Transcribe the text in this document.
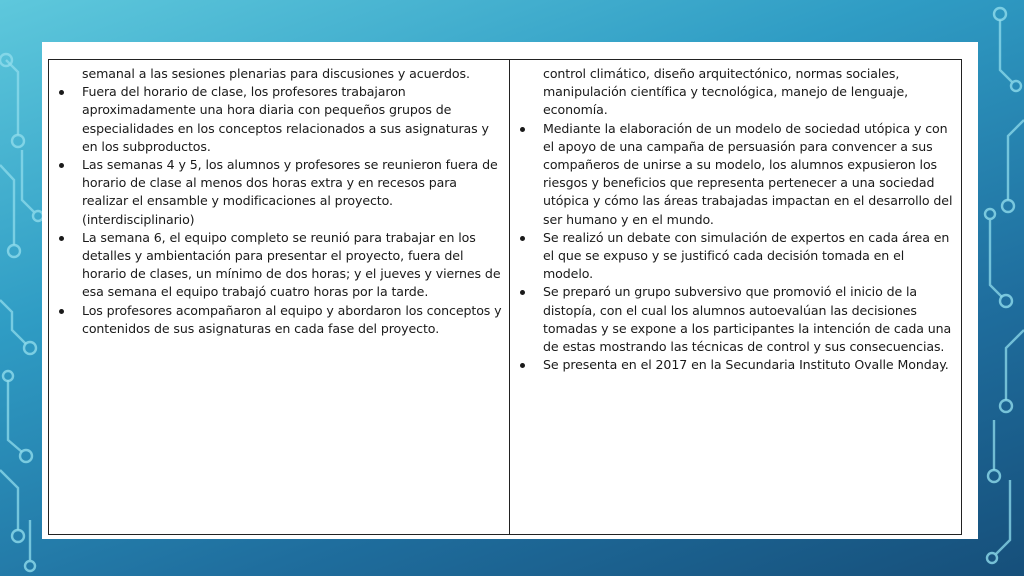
semanal a las sesiones plenarias para discusiones y acuerdos.
Fuera del horario de clase, los profesores trabajaron aproximadamente una hora diaria con pequeños grupos de especialidades en los conceptos relacionados a sus asignaturas y en los subproductos.
Las semanas 4 y 5, los alumnos y profesores se reunieron fuera de horario de clase al menos dos horas extra y en recesos para realizar el ensamble y modificaciones al proyecto. (interdisciplinario)
La semana 6, el equipo completo se reunió para trabajar en los detalles y ambientación para presentar el proyecto, fuera del horario de clases, un mínimo de dos horas; y el jueves y viernes de esa semana el equipo trabajó cuatro horas por la tarde.
Los profesores acompañaron al equipo y abordaron los conceptos y contenidos de sus asignaturas en cada fase del proyecto.
control climático, diseño arquitectónico, normas sociales, manipulación científica y tecnológica, manejo de lenguaje, economía.
Mediante la elaboración de un modelo de sociedad utópica y con el apoyo de una campaña de persuasión para convencer a sus compañeros de unirse a su modelo, los alumnos expusieron los riesgos y beneficios que representa pertenecer a una sociedad utópica y cómo las áreas trabajadas impactan en el desarrollo del ser humano y en el mundo.
Se realizó un debate con simulación de expertos en cada área en el que se expuso y se justificó cada decisión tomada en el modelo.
Se preparó un grupo subversivo que promovió el inicio de la distopía, con el cual los alumnos autoevalúan las decisiones tomadas y se expone a los participantes la intención de cada una de estas mostrando las técnicas de control y sus consecuencias.
Se presenta en el 2017 en la Secundaria Instituto Ovalle Monday.
